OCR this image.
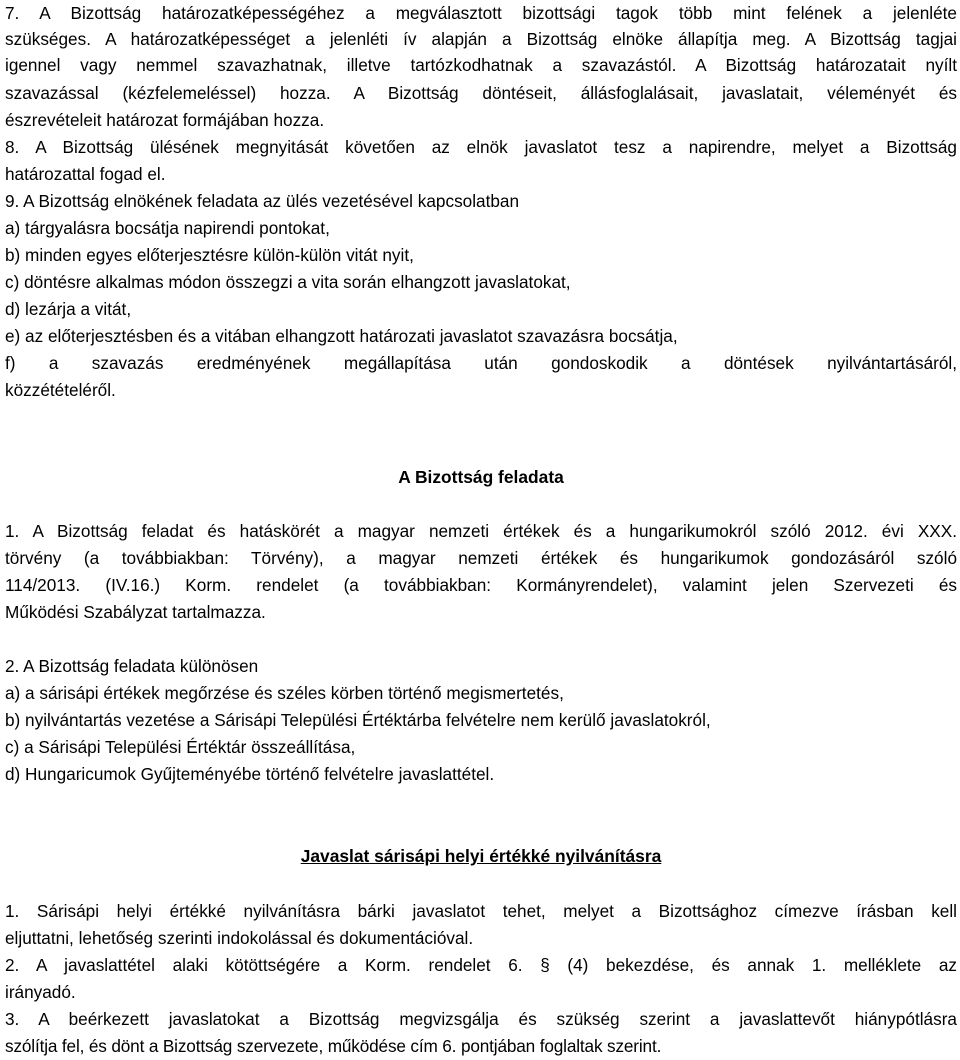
7. A Bizottság határozatképességéhez a megválasztott bizottsági tagok több mint felének a jelenléte
szükséges. A határozatképességet a jelenléti ív alapján a Bizottság elnöke állapítja meg. A Bizottság tagjai
igennel vagy nemmel szavazhatnak, illetve tartózkodhatnak a szavazástól. A Bizottság határozatait nyílt
szavazással (kézfelemeléssel) hozza. A Bizottság döntéseit, állásfoglalásait, javaslatait, véleményét és
észrevételeit határozat formájában hozza.
8. A Bizottság ülésének megnyitását követően az elnök javaslatot tesz a napirendre, melyet a Bizottság
határozattal fogad el.
9. A Bizottság elnökének feladata az ülés vezetésével kapcsolatban
a) tárgyalásra bocsátja napirendi pontokat,
b) minden egyes előterjesztésre külön-külön vitát nyit,
c) döntésre alkalmas módon összegzi a vita során elhangzott javaslatokat,
d) lezárja a vitát,
e) az előterjesztésben és a vitában elhangzott határozati javaslatot szavazásra bocsátja,
f) a szavazás eredményének megállapítása után gondoskodik a döntések nyilvántartásáról,
közzétételéről.
A Bizottság feladata
1. A Bizottság feladat és hatáskörét a magyar nemzeti értékek és a hungarikumokról szóló 2012. évi XXX.
törvény (a továbbiakban: Törvény), a magyar nemzeti értékek és hungarikumok gondozásáról szóló
114/2013. (IV.16.) Korm. rendelet (a továbbiakban: Kormányrendelet), valamint jelen Szervezeti és
Működési Szabályzat tartalmazza.
2. A Bizottság feladata különösen
a) a sárisápi értékek megőrzése és széles körben történő megismertetés,
b) nyilvántartás vezetése a Sárisápi Települési Értéktárba felvételre nem kerülő javaslatokról,
c) a Sárisápi Települési Értéktár összeállítása,
d) Hungaricumok Gyűjteményébe történő felvételre javaslattétel.
Javaslat sárisápi helyi értékké nyilvánításra
1. Sárisápi helyi értékké nyilvánításra bárki javaslatot tehet, melyet a Bizottsághoz címezve írásban kell
eljuttatni, lehetőség szerinti indokolással és dokumentációval.
2. A javaslattétel alaki kötöttségére a Korm. rendelet 6. § (4) bekezdése, és annak 1. melléklete az
irányadó.
3. A beérkezett javaslatokat a Bizottság megvizsgálja és szükség szerint a javaslattevőt hiánypótlásra
szólítja fel, és dönt a Bizottság szervezete, működése cím 6. pontjában foglaltak szerint.
